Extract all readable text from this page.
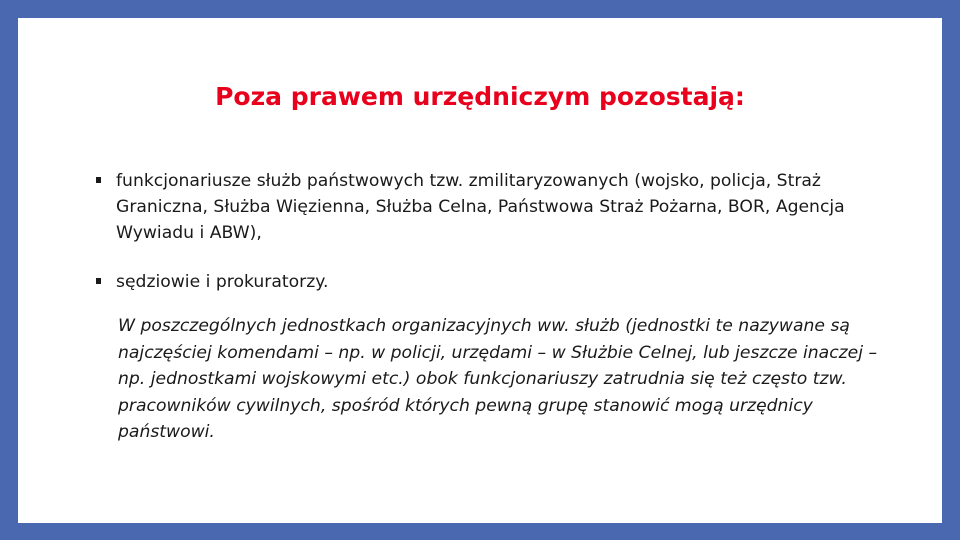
Poza prawem urzędniczym pozostają:
funkcjonariusze służb państwowych tzw. zmilitaryzowanych (wojsko, policja, Straż Graniczna, Służba Więzienna, Służba Celna, Państwowa Straż Pożarna, BOR, Agencja Wywiadu i ABW),
sędziowie i prokuratorzy.

W poszczególnych jednostkach organizacyjnych ww. służb (jednostki te nazywane są najczęściej komendami – np. w policji, urzędami – w Służbie Celnej, lub jeszcze inaczej – np. jednostkami wojskowymi etc.) obok funkcjonariuszy zatrudnia się też często tzw. pracowników cywilnych, spośród których pewną grupę stanowić mogą urzędnicy państwowi.
